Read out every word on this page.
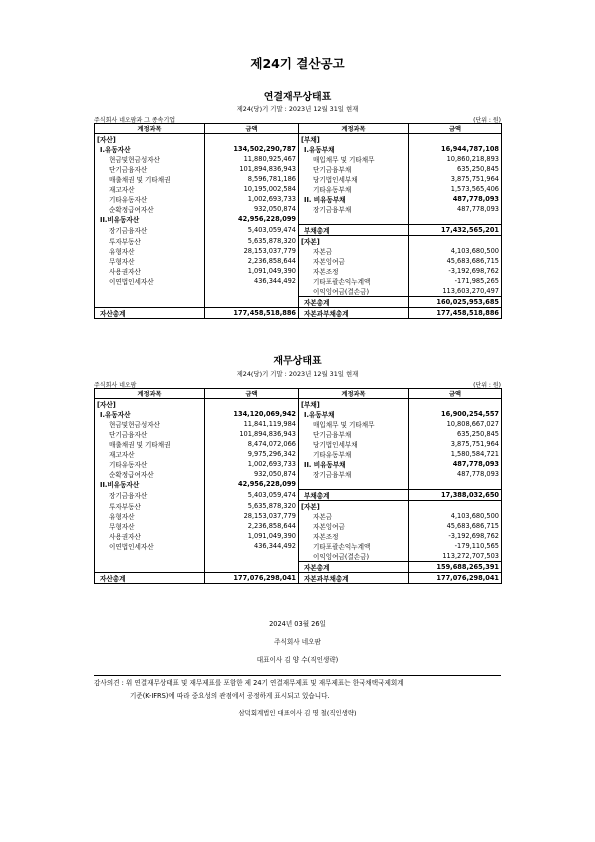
제24기 결산공고
연결재무상태표
제24(당)기 기말 : 2023년 12월 31일 현재
주식회사 네오팜과 그 종속기업	(단위 : 원)
계정과목	금액	계정과목	금액
[자산]		[부채]	
I.유동자산	134,502,290,787	I.유동부채	16,944,787,108
현금및현금성자산	11,880,925,467	매입채무 및 기타채무	10,860,218,893
단기금융자산	101,894,836,943	단기금융부채	635,250,845
매출채권 및 기타채권	8,596,781,186	당기법인세부채	3,875,751,964
재고자산	10,195,002,584	기타유동부채	1,573,565,406
기타유동자산	1,002,693,733	II. 비유동부채	487,778,093
순확정급여자산	932,050,874	장기금융부채	487,778,093
II.비유동자산	42,956,228,099		
장기금융자산	5,403,059,474	부채총계	17,432,565,201
투자부동산	5,635,878,320	[자본]	
유형자산	28,153,037,779	자본금	4,103,680,500
무형자산	2,236,858,644	자본잉여금	45,683,686,715
사용권자산	1,091,049,390	자본조정	-3,192,698,762
이연법인세자산	436,344,492	기타포괄손익누계액	-171,985,265
		이익잉여금(결손금)	113,603,270,497
		자본총계	160,025,953,685
자산총계	177,458,518,886	자본과부채총계	177,458,518,886
재무상태표
제24(당)기 기말 : 2023년 12월 31일 현재
주식회사 네오팜	(단위 : 원)
계정과목	금액	계정과목	금액
[자산]		[부채]	
I.유동자산	134,120,069,942	I.유동부채	16,900,254,557
현금및현금성자산	11,841,119,984	매입채무 및 기타채무	10,808,667,027
단기금융자산	101,894,836,943	단기금융부채	635,250,845
매출채권 및 기타채권	8,474,072,066	당기법인세부채	3,875,751,964
재고자산	9,975,296,342	기타유동부채	1,580,584,721
기타유동자산	1,002,693,733	II. 비유동부채	487,778,093
순확정급여자산	932,050,874	장기금융부채	487,778,093
II.비유동자산	42,956,228,099		
장기금융자산	5,403,059,474	부채총계	17,388,032,650
투자부동산	5,635,878,320	[자본]	
유형자산	28,153,037,779	자본금	4,103,680,500
무형자산	2,236,858,644	자본잉여금	45,683,686,715
사용권자산	1,091,049,390	자본조정	-3,192,698,762
이연법인세자산	436,344,492	기타포괄손익누계액	-179,110,565
		이익잉여금(결손금)	113,272,707,503
		자본총계	159,688,265,391
자산총계	177,076,298,041	자본과부채총계	177,076,298,041
2024년 03월 26일
주식회사 네오팜
대표이사 김 양 수(직인생략)
감사의견 : 위 연결재무상태표 및 재무제표를 포함한 제 24기 연결재무제표 및 재무제표는 한국채택국제회계
기준(K-IFRS)에 따라 중요성의 관점에서 공정하게 표시되고 있습니다.
삼덕회계법인 대표이사 김 명 철(직인생략)
